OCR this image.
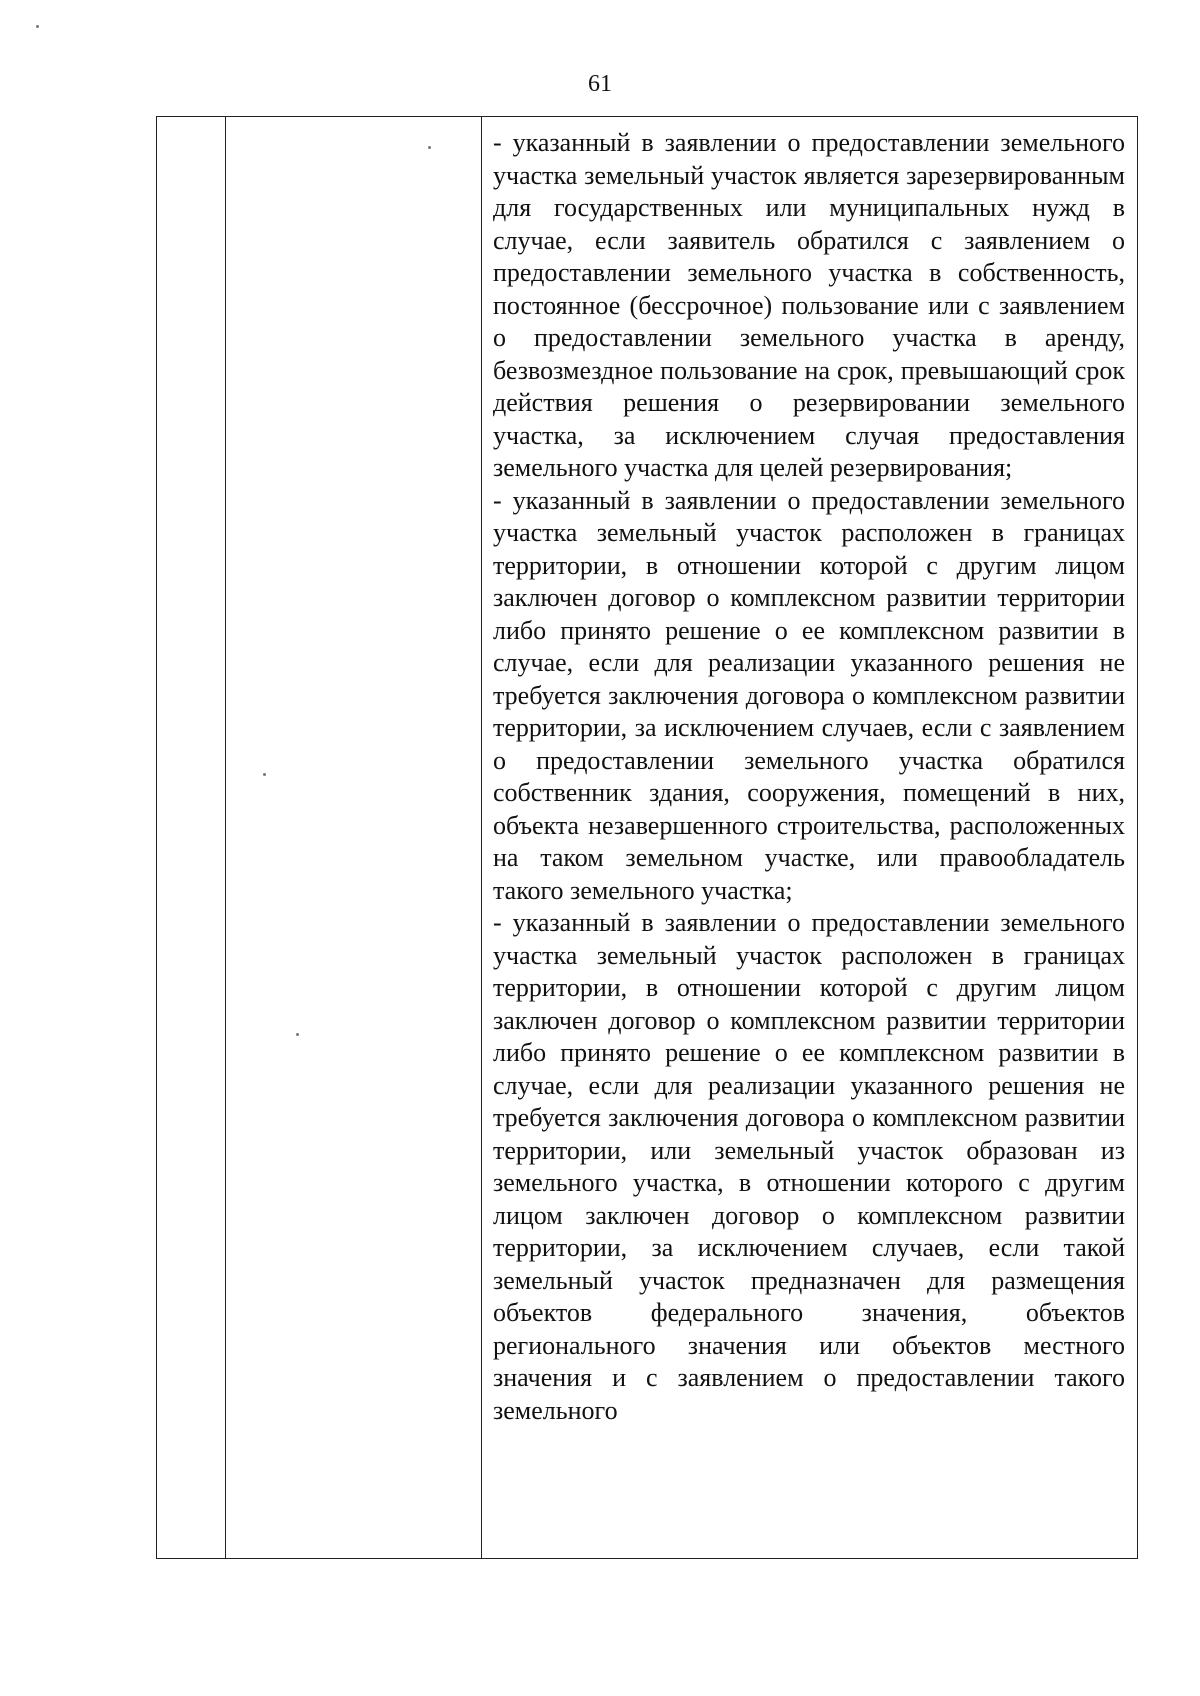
61

- указанный в заявлении о предоставлении земельного участка земельный участок является зарезервированным для государственных или муниципальных нужд в случае, если заявитель обратился с заявлением о предоставлении земельного участка в собственность, постоянное (бессрочное) пользование или с заявлением о предоставлении земельного участка в аренду, безвозмездное пользование на срок, превышающий срок действия решения о резервировании земельного участка, за исключением случая предоставления земельного участка для целей резервирования;

- указанный в заявлении о предоставлении земельного участка земельный участок расположен в границах территории, в отношении которой с другим лицом заключен договор о комплексном развитии территории либо принято решение о ее комплексном развитии в случае, если для реализации указанного решения не требуется заключения договора о комплексном развитии территории, за исключением случаев, если с заявлением о предоставлении земельного участка обратился собственник здания, сооружения, помещений в них, объекта незавершенного строительства, расположенных на таком земельном участке, или правообладатель такого земельного участка;

- указанный в заявлении о предоставлении земельного участка земельный участок расположен в границах территории, в отношении которой с другим лицом заключен договор о комплексном развитии территории либо принято решение о ее комплексном развитии в случае, если для реализации указанного решения не требуется заключения договора о комплексном развитии территории, или земельный участок образован из земельного участка, в отношении которого с другим лицом заключен договор о комплексном развитии территории, за исключением случаев, если такой земельный участок предназначен для размещения объектов федерального значения, объектов регионального значения или объектов местного значения и с заявлением о предоставлении такого земельного
